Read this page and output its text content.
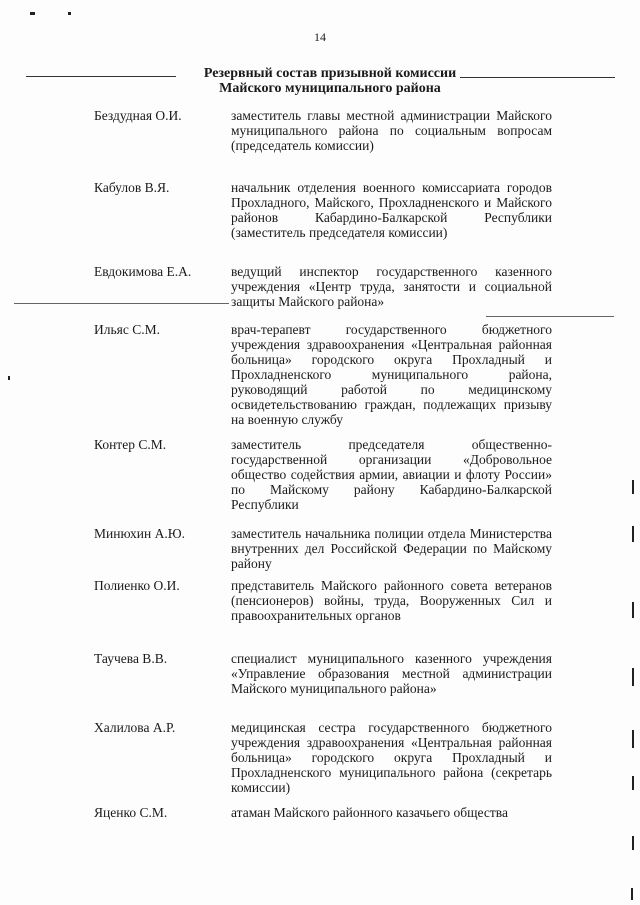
14
Резервный состав призывной комиссии
Майского муниципального района
Бездудная О.И.	заместитель главы местной администрации Майского муниципального района по социальным вопросам (председатель комиссии)
Кабулов В.Я.	начальник отделения военного комиссариата городов Прохладного, Майского, Прохладненского и Майского районов Кабардино-Балкарской Республики (заместитель председателя комиссии)
Евдокимова Е.А.	ведущий инспектор государственного казенного учреждения «Центр труда, занятости и социальной защиты Майского района»
Ильяс С.М.	врач-терапевт государственного бюджетного учреждения здравоохранения «Центральная районная больница» городского округа Прохладный и Прохладненского муниципального района, руководящий работой по медицинскому освидетельствованию граждан, подлежащих призыву на военную службу
Контер С.М.	заместитель председателя общественно-государственной организации «Добровольное общество содействия армии, авиации и флоту России» по Майскому району Кабардино-Балкарской Республики
Минюхин А.Ю.	заместитель начальника полиции отдела Министерства внутренних дел Российской Федерации по Майскому району
Полиенко О.И.	представитель Майского районного совета ветеранов (пенсионеров) войны, труда, Вооруженных Сил и правоохранительных органов
Таучева В.В.	специалист муниципального казенного учреждения «Управление образования местной администрации Майского муниципального района»
Халилова А.Р.	медицинская сестра государственного бюджетного учреждения здравоохранения «Центральная районная больница» городского округа Прохладный и Прохладненского муниципального района (секретарь комиссии)
Яценко С.М.	атаман Майского районного казачьего общества
